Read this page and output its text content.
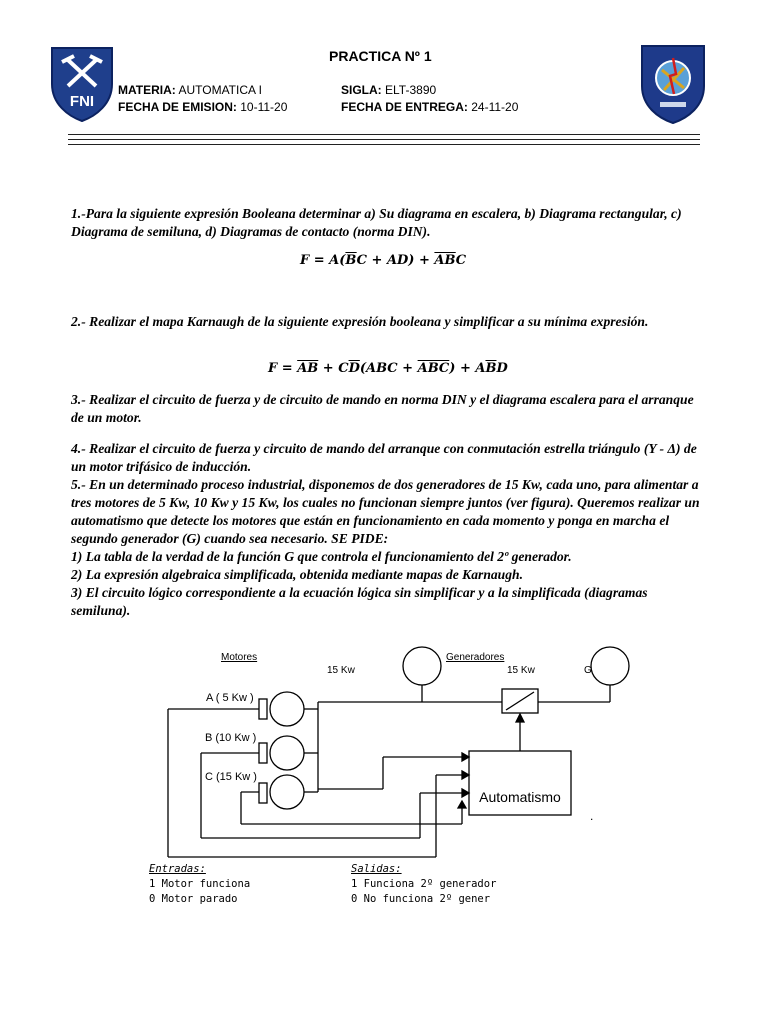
FNI
PRACTICA Nº 1
MATERIA: AUTOMATICA I	SIGLA: ELT-3890
FECHA DE EMISION: 10-11-20	FECHA DE ENTREGA: 24-11-20
1.-Para la siguiente expresión Booleana determinar a) Su diagrama en escalera, b) Diagrama rectangular, c) Diagrama de semiluna, d) Diagramas de contacto (norma DIN).
$F = A(\overline{B}C + AD) + \overline{A}\overline{B}C$
2.- Realizar el mapa Karnaugh de la siguiente expresión booleana y simplificar a su mínima expresión.
$F = \overline{AB} + C\overline{D}(ABC + \overline{ABC}) + A\overline{B}D$
3.- Realizar el circuito de fuerza y de circuito de mando en norma DIN y el diagrama escalera para el arranque de un motor.
4.- Realizar el circuito de fuerza y circuito de mando del arranque con conmutación estrella triángulo (Y - Δ) de un motor trifásico de inducción.
5.- En un determinado proceso industrial, disponemos de dos generadores de 15 Kw, cada uno, para alimentar a tres motores de 5 Kw, 10 Kw y 15 Kw, los cuales no funcionan siempre juntos (ver figura). Queremos realizar un automatismo que detecte los motores que están en funcionamiento en cada momento y ponga en marcha el segundo generador (G) cuando sea necesario. SE PIDE:
1) La tabla de la verdad de la función G que controla el funcionamiento del 2º generador.
2) La expresión algebraica simplificada, obtenida mediante mapas de Karnaugh.
3) El circuito lógico correspondiente a la ecuación lógica sin simplificar y a la simplificada (diagramas semiluna).
Motores	Generadores
15 Kw	15 Kw	G
A ( 5 Kw )
B (10 Kw )
C (15 Kw )
Automatismo
.
Entradas:
1 Motor funciona
0 Motor parado
Salidas:
1 Funciona 2º generador
0 No funciona 2º gener
